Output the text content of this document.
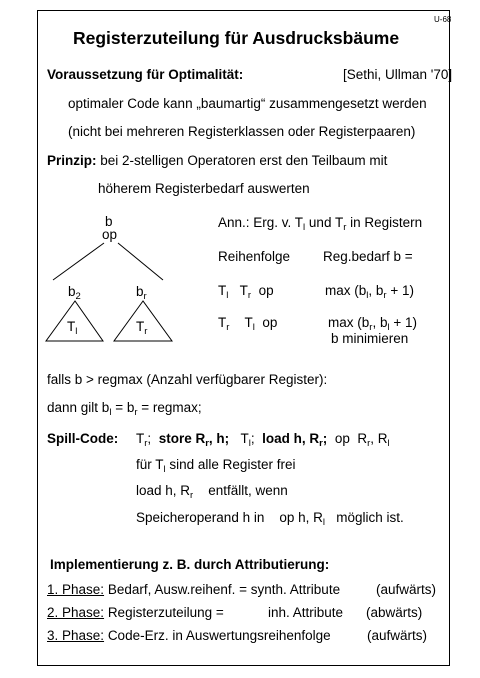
U-68
Registerzuteilung für Ausdrucksbäume
Voraussetzung für Optimalität:	[Sethi, Ullman '70]
optimaler Code kann „baumartig“ zusammengesetzt werden
(nicht bei mehreren Registerklassen oder Registerpaaren)
Prinzip: bei 2-stelligen Operatoren erst den Teilbaum mit
höherem Registerbedarf auswerten
b
op
$b_2$	$b_r$
$T_l$	$T_r$
Ann.: Erg. v. $T_l$ und $T_r$ in Registern
Reihenfolge Reg.bedarf b =
$T_l$ $T_r$ op	$\max (b_l$, $b_r + 1$)
$T_r$ $T_l$ op	$\max (b_r$, $b_l + 1$)
b minimieren
falls b > regmax (Anzahl verfügbarer Register):
dann gilt $b_l = b_r = regmax$;
Spill-Code: $T_r$; store $R_r$, h; $T_l$; load h, $R_r$; op $R_r$, $R_l$
für $T_l$ sind alle Register frei
load h, $R_r$ entfällt, wenn
Speicheroperand h in op h, $R_l$ möglich ist.
Implementierung z. B. durch Attributierung:
1. Phase: Bedarf, Ausw.reihenf. = synth. Attribute	(aufwärts)
2. Phase: Registerzuteilung =	inh. Attribute (abwärts)
3. Phase: Code-Erz. in Auswertungsreihenfolge	(aufwärts)
